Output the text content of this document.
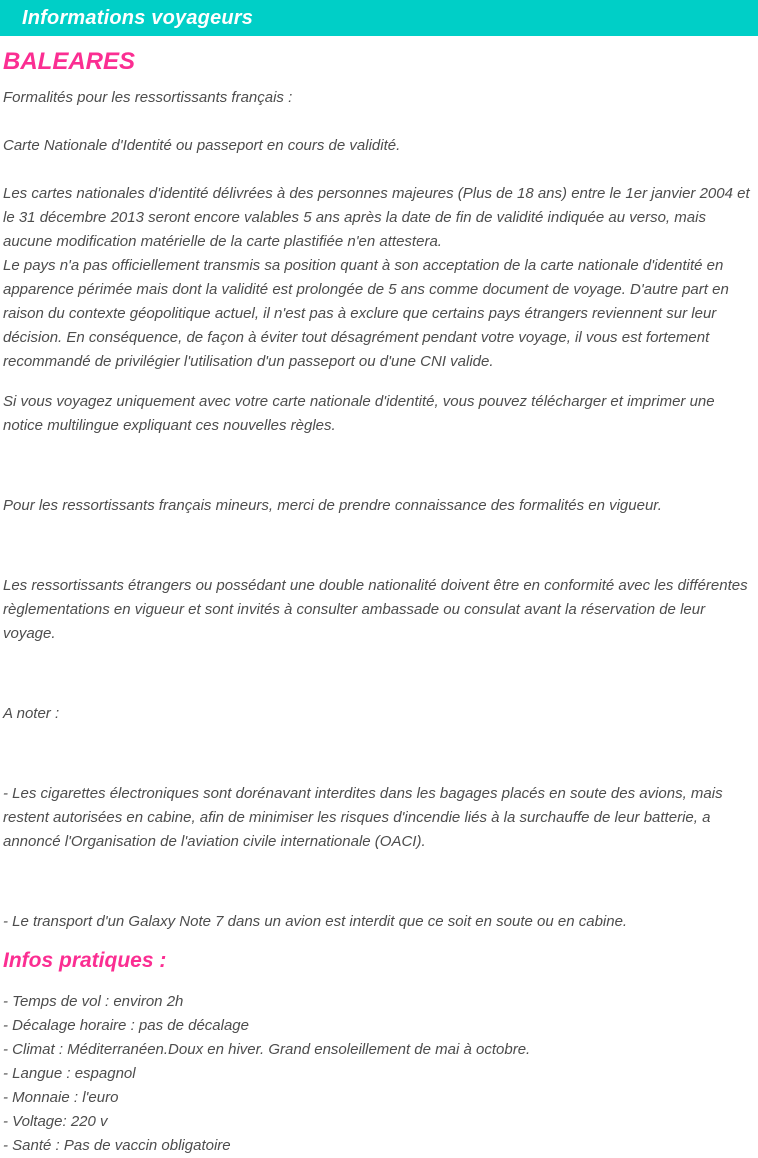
Informations voyageurs
BALEARES

Formalités pour les ressortissants français :

Carte Nationale d'Identité ou passeport en cours de validité.

Les cartes nationales d'identité délivrées à des personnes majeures (Plus de 18 ans) entre le 1er janvier 2004 et le 31 décembre 2013 seront encore valables 5 ans après la date de fin de validité indiquée au verso, mais aucune modification matérielle de la carte plastifiée n'en attestera.

Le pays n'a pas officiellement transmis sa position quant à son acceptation de la carte nationale d'identité en apparence périmée mais dont la validité est prolongée de 5 ans comme document de voyage. D'autre part en raison du contexte géopolitique actuel, il n'est pas à exclure que certains pays étrangers reviennent sur leur décision. En conséquence, de façon à éviter tout désagrément pendant votre voyage, il vous est fortement recommandé de privilégier l'utilisation d'un passeport ou d'une CNI valide.

Si vous voyagez uniquement avec votre carte nationale d'identité, vous pouvez télécharger et imprimer une notice multilingue expliquant ces nouvelles règles.

Pour les ressortissants français mineurs, merci de prendre connaissance des formalités en vigueur.

Les ressortissants étrangers ou possédant une double nationalité doivent être en conformité avec les différentes règlementations en vigueur et sont invités à consulter ambassade ou consulat avant la réservation de leur voyage.

A noter :

- Les cigarettes électroniques sont dorénavant interdites dans les bagages placés en soute des avions, mais restent autorisées en cabine, afin de minimiser les risques d'incendie liés à la surchauffe de leur batterie, a annoncé l'Organisation de l'aviation civile internationale (OACI).

- Le transport d'un Galaxy Note 7 dans un avion est interdit que ce soit en soute ou en cabine.

Infos pratiques :

- Temps de vol : environ 2h

- Décalage horaire : pas de décalage

- Climat : Méditerranéen.Doux en hiver. Grand ensoleillement de mai à octobre.

- Langue : espagnol

- Monnaie : l'euro

- Voltage: 220 v

- Santé : Pas de vaccin obligatoire
